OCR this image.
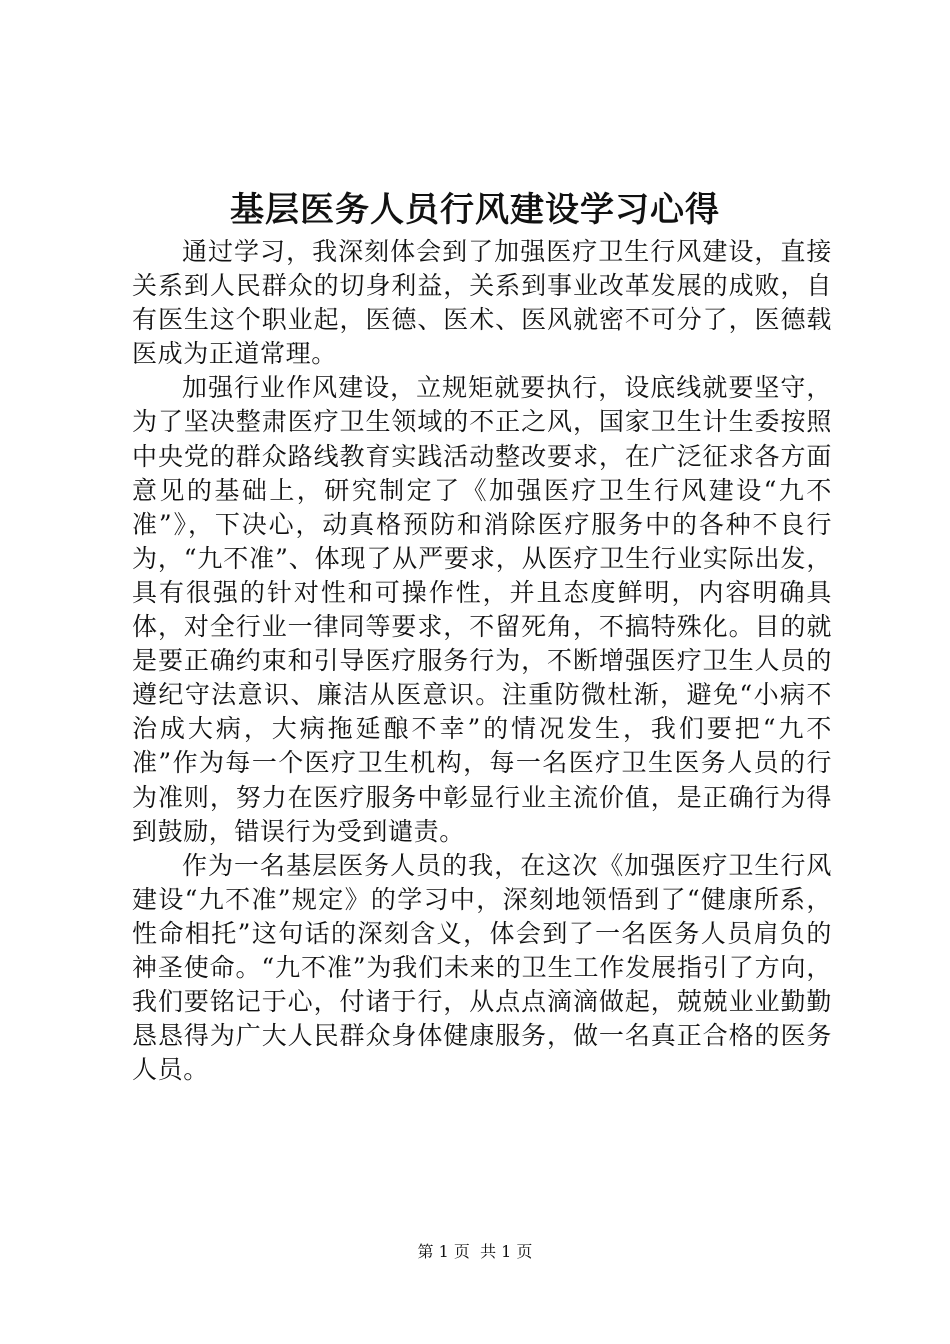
基层医务人员行风建设学习心得

通过学习，我深刻体会到了加强医疗卫生行风建设，直接关系到人民群众的切身利益，关系到事业改革发展的成败，自有医生这个职业起，医德、医术、医风就密不可分了，医德载医成为正道常理。

加强行业作风建设，立规矩就要执行，设底线就要坚守，为了坚决整肃医疗卫生领域的不正之风，国家卫生计生委按照中央党的群众路线教育实践活动整改要求，在广泛征求各方面意见的基础上，研究制定了《加强医疗卫生行风建设“九不准”》，下决心，动真格预防和消除医疗服务中的各种不良行为，“九不准”、体现了从严要求，从医疗卫生行业实际出发，具有很强的针对性和可操作性，并且态度鲜明，内容明确具体，对全行业一律同等要求，不留死角，不搞特殊化。目的就是要正确约束和引导医疗服务行为，不断增强医疗卫生人员的遵纪守法意识、廉洁从医意识。注重防微杜渐，避免“小病不治成大病，大病拖延酿不幸”的情况发生，我们要把“九不准”作为每一个医疗卫生机构，每一名医疗卫生医务人员的行为准则，努力在医疗服务中彰显行业主流价值，是正确行为得到鼓励，错误行为受到谴责。

作为一名基层医务人员的我，在这次《加强医疗卫生行风建设“九不准”规定》的学习中，深刻地领悟到了“健康所系，性命相托”这句话的深刻含义，体会到了一名医务人员肩负的神圣使命。“九不准”为我们未来的卫生工作发展指引了方向，我们要铭记于心，付诸于行，从点点滴滴做起，兢兢业业勤勤恳恳得为广大人民群众身体健康服务，做一名真正合格的医务人员。

第 1 页  共 1 页
